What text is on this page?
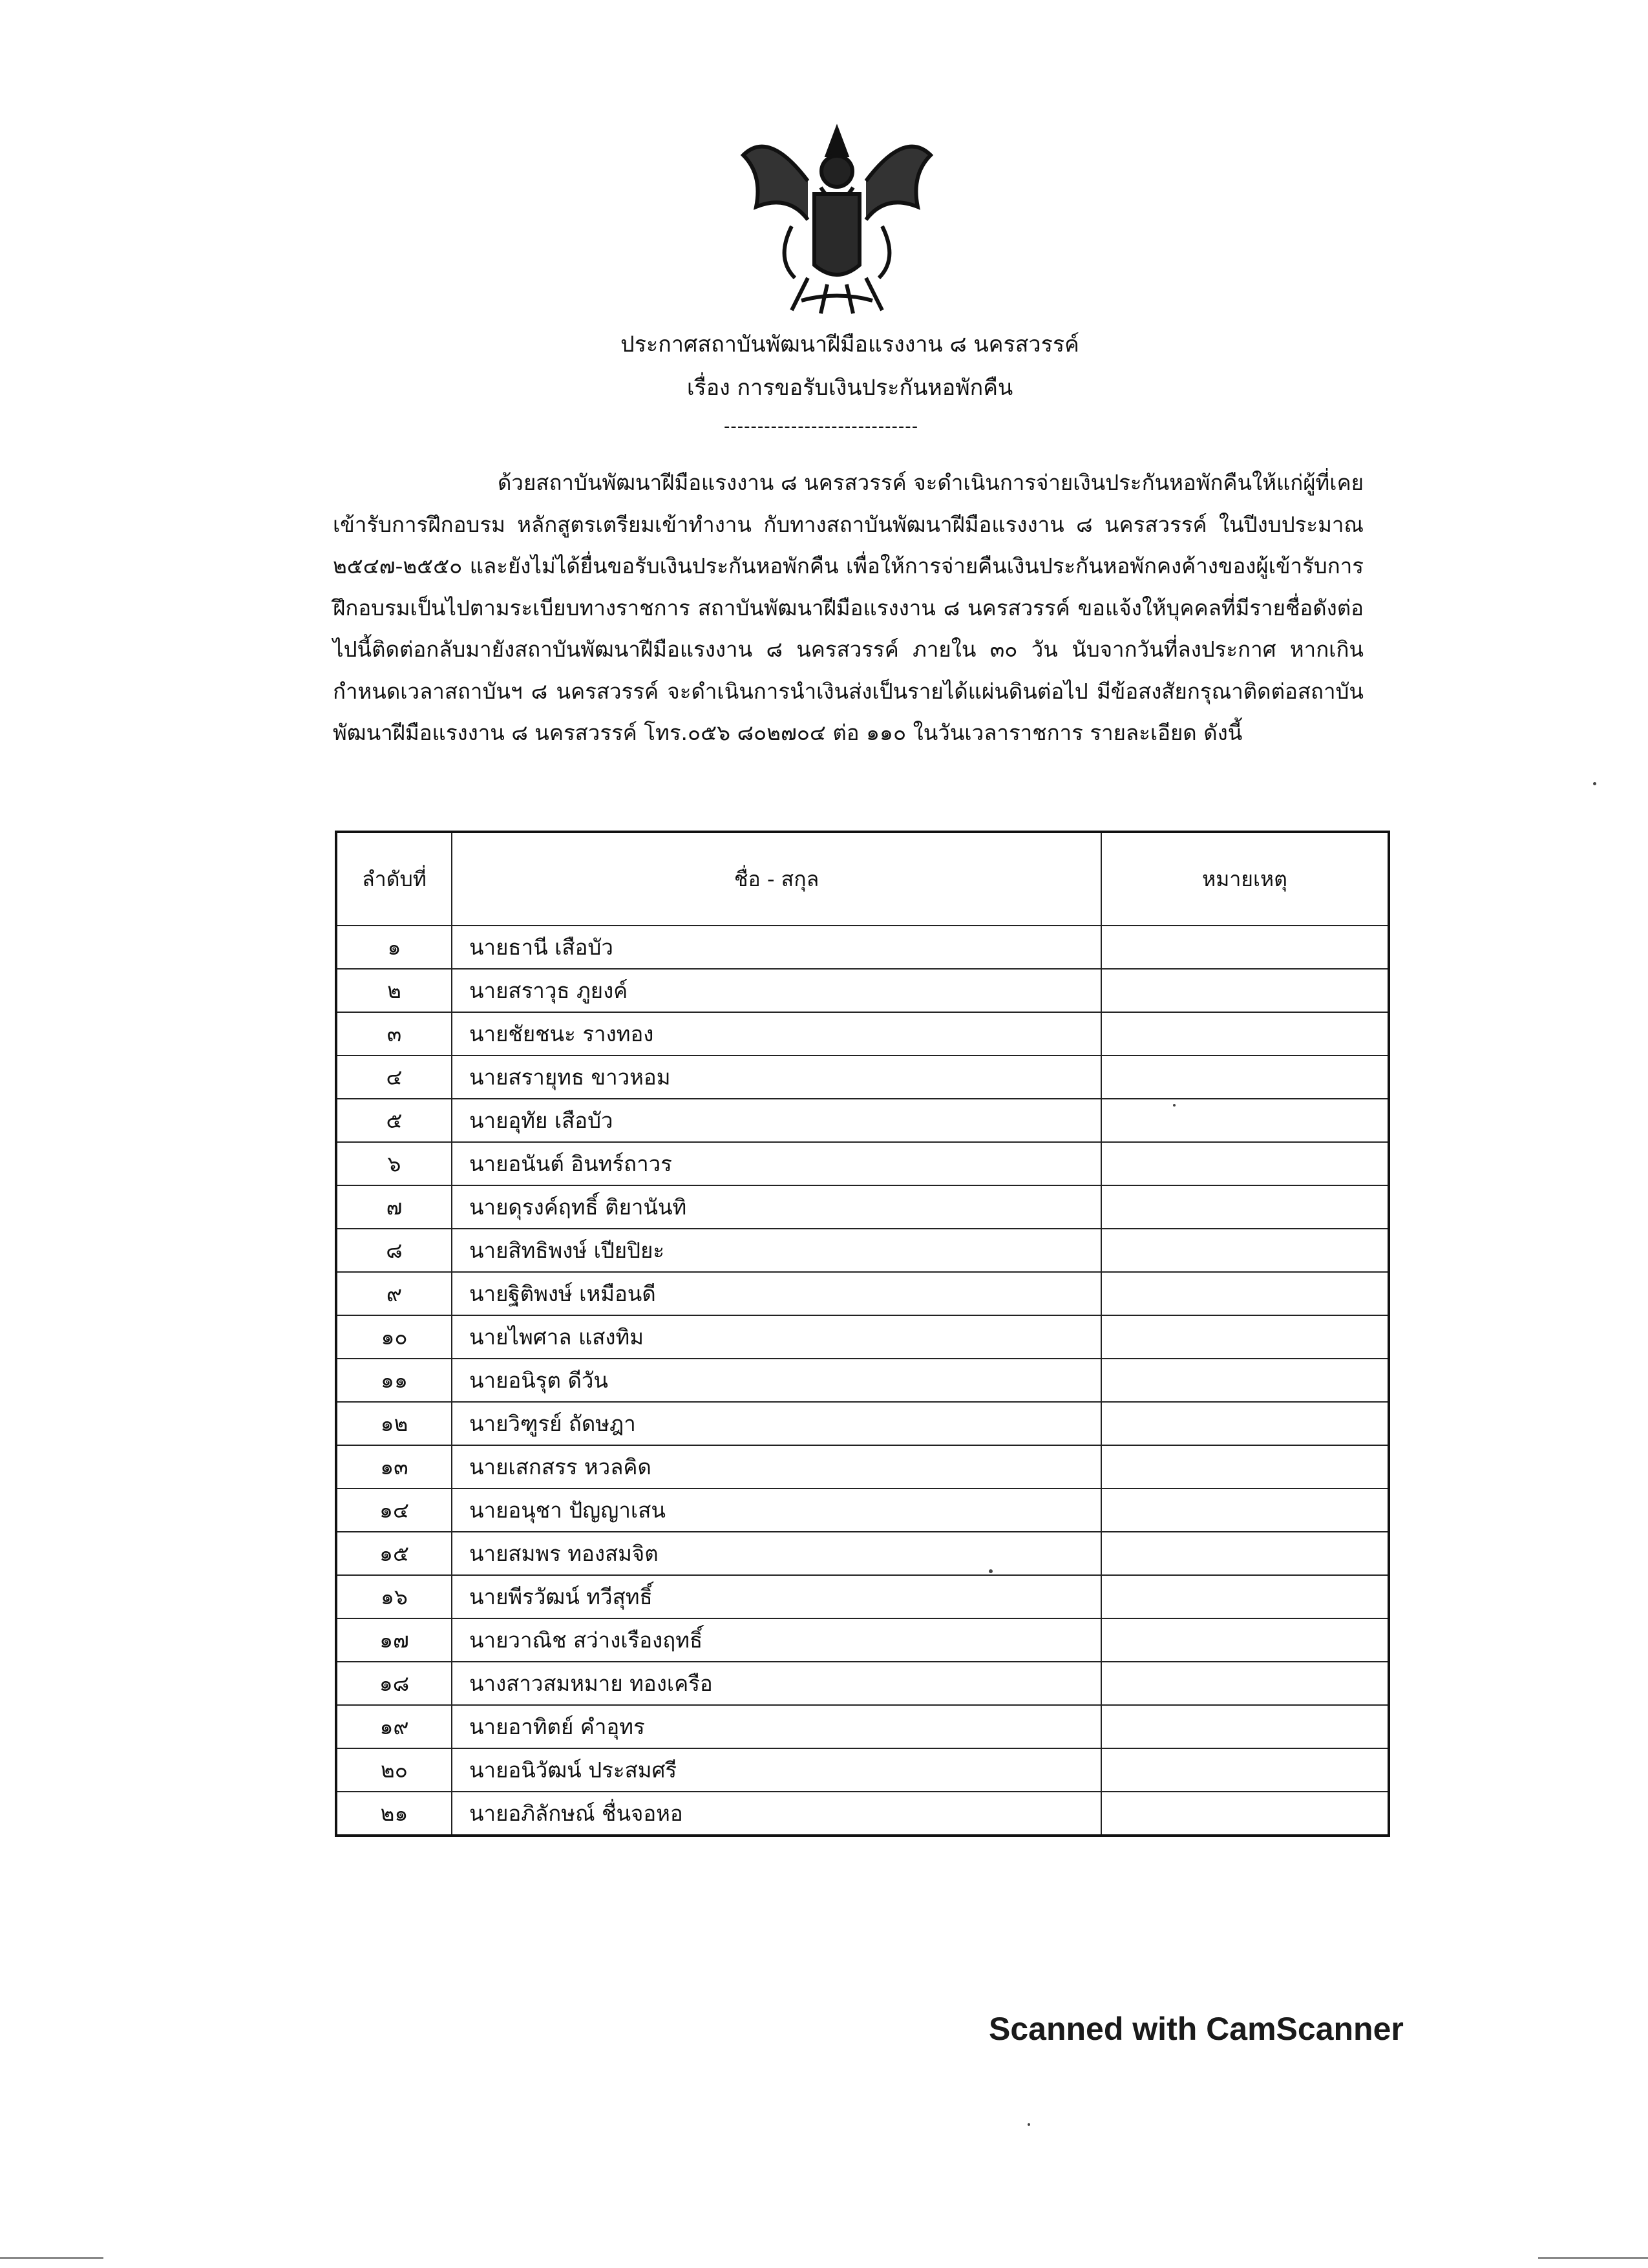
ประกาศสถาบันพัฒนาฝีมือแรงงาน ๘ นครสวรรค์
เรื่อง การขอรับเงินประกันหอพักคืน
-----------------------------
ด้วยสถาบันพัฒนาฝีมือแรงงาน ๘ นครสวรรค์ จะดำเนินการจ่ายเงินประกันหอพักคืนให้แก่ผู้ที่เคยเข้ารับการฝึกอบรม หลักสูตรเตรียมเข้าทำงาน กับทางสถาบันพัฒนาฝีมือแรงงาน ๘ นครสวรรค์ ในปีงบประมาณ ๒๕๔๗-๒๕๕๐ และยังไม่ได้ยื่นขอรับเงินประกันหอพักคืน เพื่อให้การจ่ายคืนเงินประกันหอพักคงค้างของผู้เข้ารับการฝึกอบรมเป็นไปตามระเบียบทางราชการ สถาบันพัฒนาฝีมือแรงงาน ๘ นครสวรรค์ ขอแจ้งให้บุคคลที่มีรายชื่อดังต่อไปนี้ติดต่อกลับมายังสถาบันพัฒนาฝีมือแรงงาน ๘ นครสวรรค์ ภายใน ๓๐ วัน นับจากวันที่ลงประกาศ หากเกินกำหนดเวลาสถาบันฯ ๘ นครสวรรค์ จะดำเนินการนำเงินส่งเป็นรายได้แผ่นดินต่อไป มีข้อสงสัยกรุณาติดต่อสถาบันพัฒนาฝีมือแรงงาน ๘ นครสวรรค์ โทร.๐๕๖ ๘๐๒๗๐๔ ต่อ ๑๑๐ ในวันเวลาราชการ รายละเอียด ดังนี้
ลำดับที่	ชื่อ - สกุล	หมายเหตุ
๑	นายธานี เสือบัว	
๒	นายสราวุธ ภูยงค์	
๓	นายชัยชนะ รางทอง	
๔	นายสรายุทธ ขาวหอม	
๕	นายอุทัย เสือบัว	
๖	นายอนันต์ อินทร์ถาวร	
๗	นายดุรงค์ฤทธิ์ ติยานันทิ	
๘	นายสิทธิพงษ์ เปียปิยะ	
๙	นายฐิติพงษ์ เหมือนดี	
๑๐	นายไพศาล แสงทิม	
๑๑	นายอนิรุต ดีวัน	
๑๒	นายวิฑูรย์ ถัดษฎา	
๑๓	นายเสกสรร หวลคิด	
๑๔	นายอนุชา ปัญญาเสน	
๑๕	นายสมพร ทองสมจิต	
๑๖	นายพีรวัฒน์ ทวีสุทธิ์	
๑๗	นายวาณิช สว่างเรืองฤทธิ์	
๑๘	นางสาวสมหมาย ทองเครือ	
๑๙	นายอาทิตย์ คำอุทร	
๒๐	นายอนิวัฒน์ ประสมศรี	
๒๑	นายอภิลักษณ์ ชื่นจอหอ	
Scanned with CamScanner
